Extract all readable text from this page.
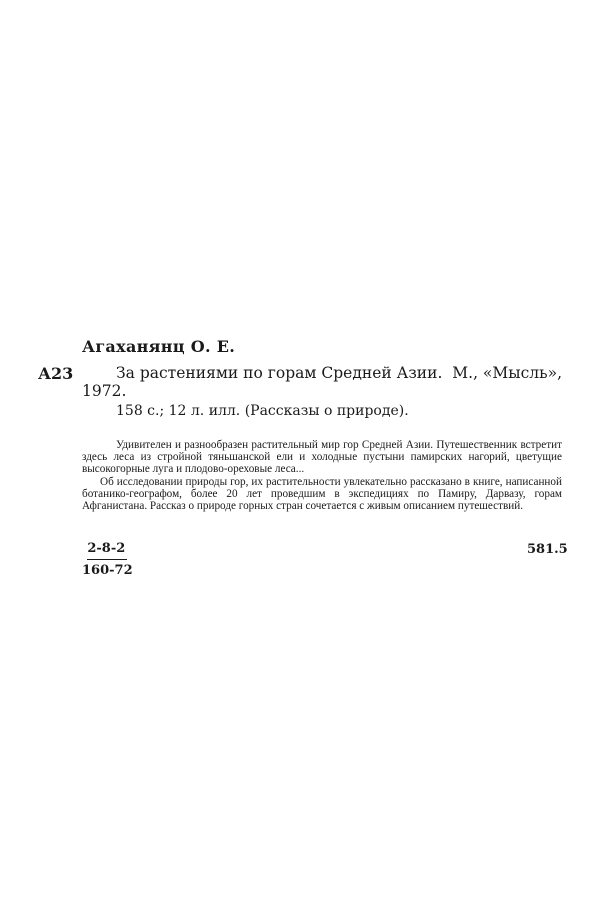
Агаханянц О. Е.
А23	За растениями по горам Средней Азии. М., «Мысль»,
1972.
158 с.; 12 л. илл. (Рассказы о природе).

Удивителен и разнообразен растительный мир гор Средней Азии. Путешественник встретит здесь леса из стройной тяньшанской ели и холодные пустыни памирских нагорий, цветущие высокогорные луга и плодово-ореховые леса...

Об исследовании природы гор, их растительности увлекательно рассказано в книге, написанной ботанико-географом, более 20 лет проведшим в экспедициях по Памиру, Дарвазу, горам Афганистана. Рассказ о природе горных стран сочетается с живым описанием путешествий.

$\frac{2-8-2}{160-72}$	581.5
